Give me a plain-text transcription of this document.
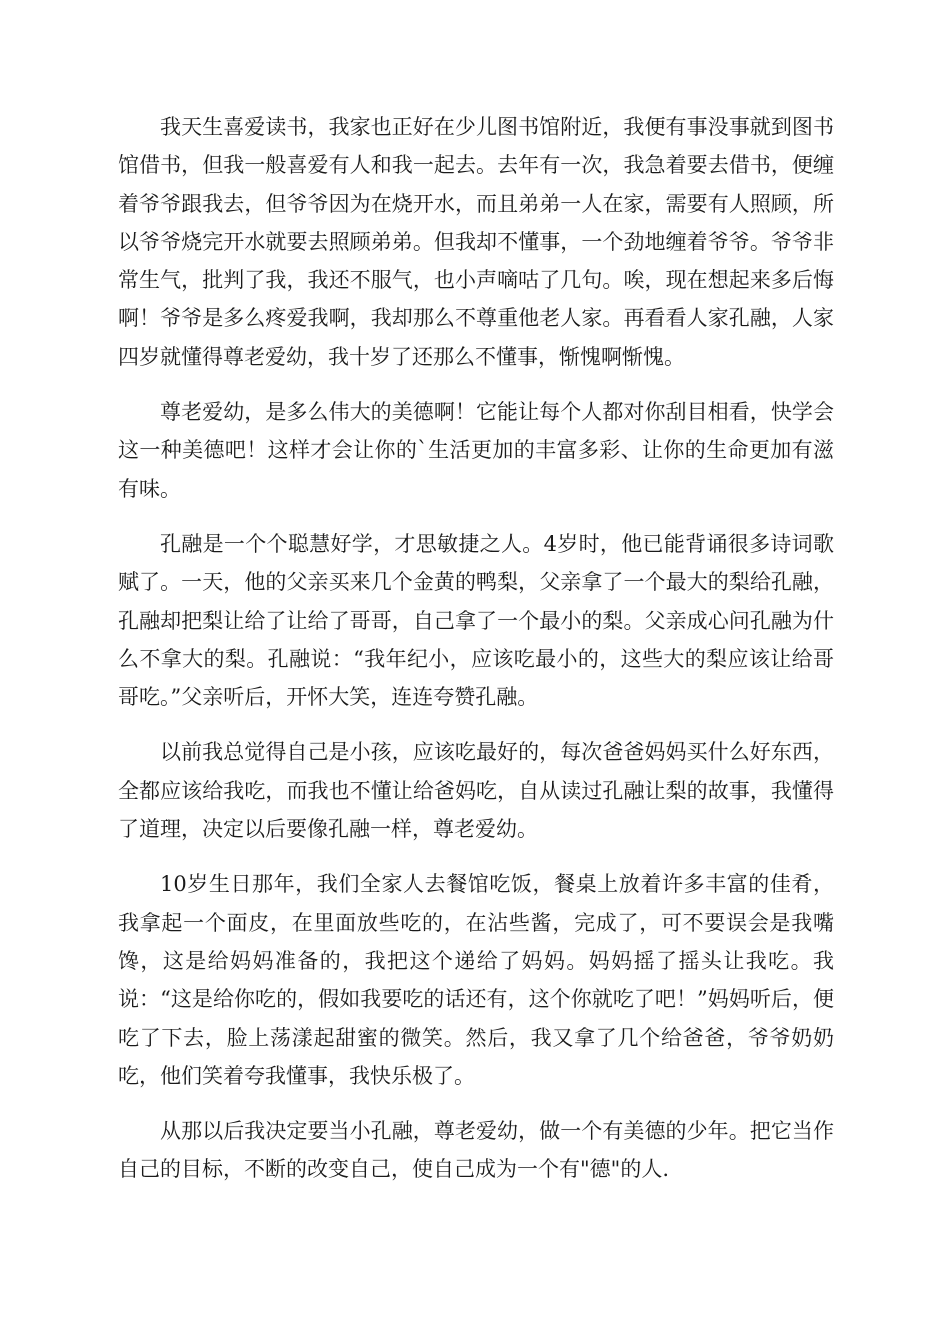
我天生喜爱读书，我家也正好在少儿图书馆附近，我便有事没事就到图书馆借书，但我一般喜爱有人和我一起去。去年有一次，我急着要去借书，便缠着爷爷跟我去，但爷爷因为在烧开水，而且弟弟一人在家，需要有人照顾，所以爷爷烧完开水就要去照顾弟弟。但我却不懂事，一个劲地缠着爷爷。爷爷非常生气，批判了我，我还不服气，也小声嘀咕了几句。唉，现在想起来多后悔啊！爷爷是多么疼爱我啊，我却那么不尊重他老人家。再看看人家孔融，人家四岁就懂得尊老爱幼，我十岁了还那么不懂事，惭愧啊惭愧。

尊老爱幼，是多么伟大的美德啊！它能让每个人都对你刮目相看，快学会这一种美德吧！这样才会让你的`生活更加的丰富多彩、让你的生命更加有滋有味。

孔融是一个个聪慧好学，才思敏捷之人。4岁时，他已能背诵很多诗词歌赋了。一天，他的父亲买来几个金黄的鸭梨，父亲拿了一个最大的梨给孔融，孔融却把梨让给了让给了哥哥，自己拿了一个最小的梨。父亲成心问孔融为什么不拿大的梨。孔融说：“我年纪小，应该吃最小的，这些大的梨应该让给哥哥吃。”父亲听后，开怀大笑，连连夸赞孔融。

以前我总觉得自己是小孩，应该吃最好的，每次爸爸妈妈买什么好东西，全都应该给我吃，而我也不懂让给爸妈吃，自从读过孔融让梨的故事，我懂得了道理，决定以后要像孔融一样，尊老爱幼。

10岁生日那年，我们全家人去餐馆吃饭，餐桌上放着许多丰富的佳肴，我拿起一个面皮，在里面放些吃的，在沾些酱，完成了，可不要误会是我嘴馋，这是给妈妈准备的，我把这个递给了妈妈。妈妈摇了摇头让我吃。我说：“这是给你吃的，假如我要吃的话还有，这个你就吃了吧！”妈妈听后，便吃了下去，脸上荡漾起甜蜜的微笑。然后，我又拿了几个给爸爸，爷爷奶奶吃，他们笑着夸我懂事，我快乐极了。

从那以后我决定要当小孔融，尊老爱幼，做一个有美德的少年。把它当作自己的目标，不断的改变自己，使自己成为一个有"德"的人.
